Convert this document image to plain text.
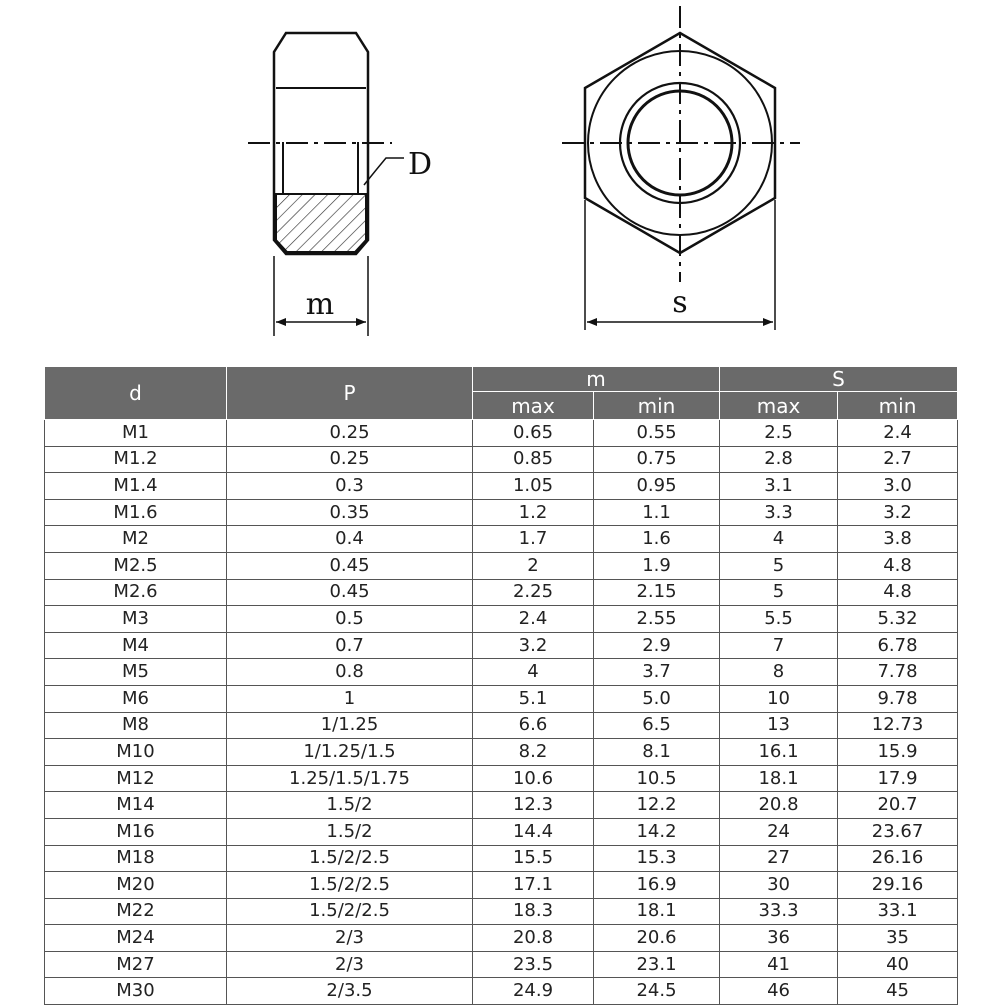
m
D
s
d	P	m		S	
		max	min	max	min
M1	0.25	0.65	0.55	2.5	2.4
M1.2	0.25	0.85	0.75	2.8	2.7
M1.4	0.3	1.05	0.95	3.1	3.0
M1.6	0.35	1.2	1.1	3.3	3.2
M2	0.4	1.7	1.6	4	3.8
M2.5	0.45	2	1.9	5	4.8
M2.6	0.45	2.25	2.15	5	4.8
M3	0.5	2.4	2.55	5.5	5.32
M4	0.7	3.2	2.9	7	6.78
M5	0.8	4	3.7	8	7.78
M6	1	5.1	5.0	10	9.78
M8	1/1.25	6.6	6.5	13	12.73
M10	1/1.25/1.5	8.2	8.1	16.1	15.9
M12	1.25/1.5/1.75	10.6	10.5	18.1	17.9
M14	1.5/2	12.3	12.2	20.8	20.7
M16	1.5/2	14.4	14.2	24	23.67
M18	1.5/2/2.5	15.5	15.3	27	26.16
M20	1.5/2/2.5	17.1	16.9	30	29.16
M22	1.5/2/2.5	18.3	18.1	33.3	33.1
M24	2/3	20.8	20.6	36	35
M27	2/3	23.5	23.1	41	40
M30	2/3.5	24.9	24.5	46	45
